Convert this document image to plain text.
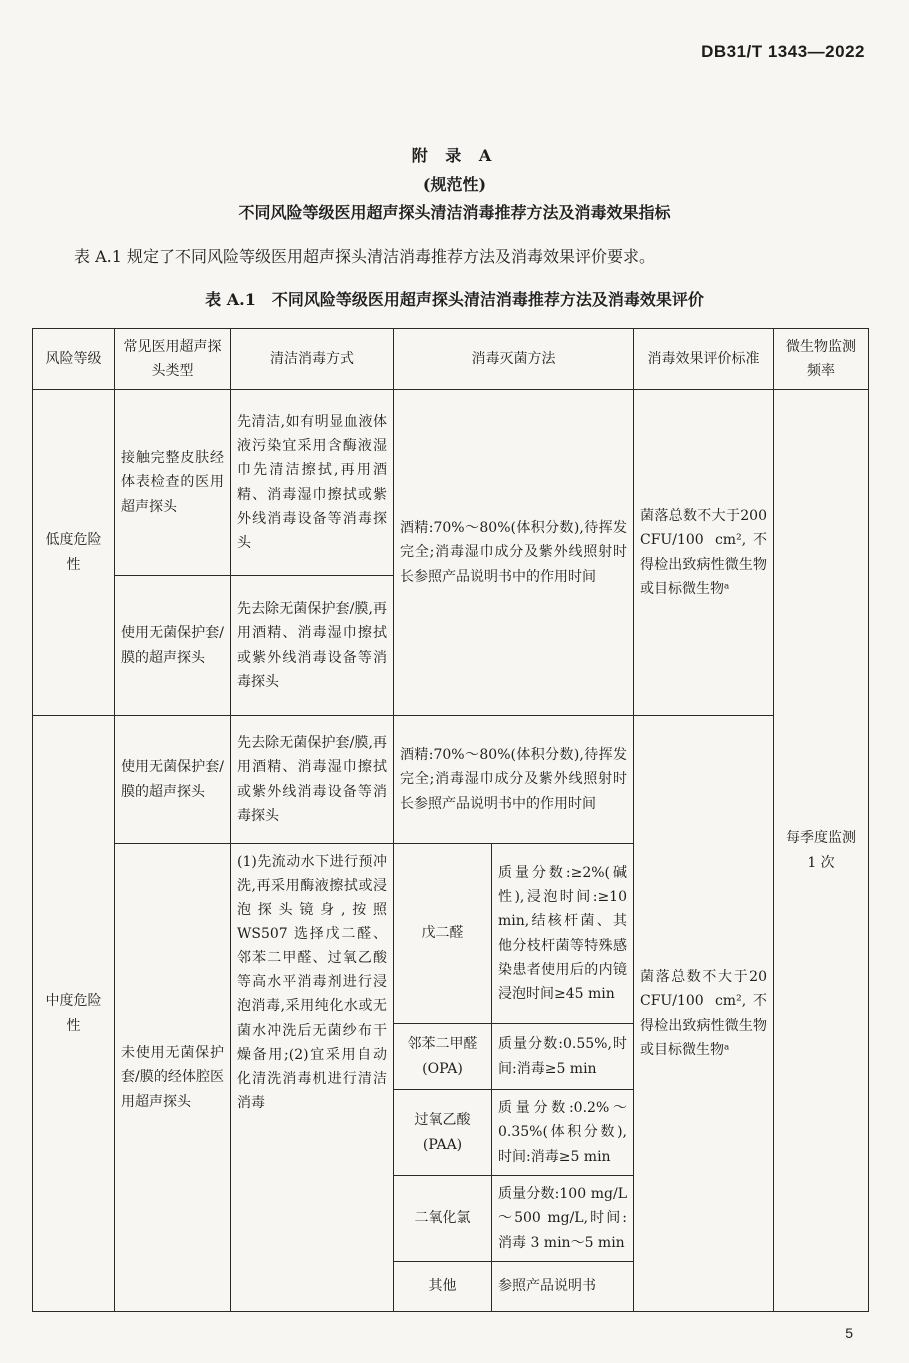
DB31/T 1343—2022
附 录 A
(规范性)
不同风险等级医用超声探头清洁消毒推荐方法及消毒效果指标
表 A.1 规定了不同风险等级医用超声探头清洁消毒推荐方法及消毒效果评价要求。
表 A.1　不同风险等级医用超声探头清洁消毒推荐方法及消毒效果评价
风险等级	常见医用超声探头类型	清洁消毒方式	消毒灭菌方法		消毒效果评价标准	微生物监测频率
低度危险性	接触完整皮肤经体表检查的医用超声探头	先清洁,如有明显血液体液污染宜采用含酶液湿巾先清洁擦拭,再用酒精、消毒湿巾擦拭或紫外线消毒设备等消毒探头	酒精:70%～80%(体积分数),待挥发完全;消毒湿巾成分及紫外线照射时长参照产品说明书中的作用时间		菌落总数不大于200 CFU/100 cm²,不得检出致病性微生物或目标微生物ᵃ	每季度监测 1 次
	使用无菌保护套/膜的超声探头	先去除无菌保护套/膜,再用酒精、消毒湿巾擦拭或紫外线消毒设备等消毒探头				
中度危险性	使用无菌保护套/膜的超声探头	先去除无菌保护套/膜,再用酒精、消毒湿巾擦拭或紫外线消毒设备等消毒探头	酒精:70%～80%(体积分数),待挥发完全;消毒湿巾成分及紫外线照射时长参照产品说明书中的作用时间		菌落总数不大于20 CFU/100 cm²,不得检出致病性微生物或目标微生物ᵃ	
	未使用无菌保护套/膜的经体腔医用超声探头	(1)先流动水下进行预冲洗,再采用酶液擦拭或浸泡探头镜身,按照 WS507 选择戊二醛、邻苯二甲醛、过氧乙酸等高水平消毒剂进行浸泡消毒,采用纯化水或无菌水冲洗后无菌纱布干燥备用;(2)宜采用自动化清洗消毒机进行清洁消毒	戊二醛	质量分数:≥2%(碱性),浸泡时间:≥10 min,结核杆菌、其他分枝杆菌等特殊感染患者使用后的内镜浸泡时间≥45 min		
			邻苯二甲醛(OPA)	质量分数:0.55%,时间:消毒≥5 min		
			过氧乙酸(PAA)	质量分数:0.2%～0.35%(体积分数),时间:消毒≥5 min		
			二氧化氯	质量分数:100 mg/L～500 mg/L,时间:消毒 3 min～5 min		
			其他	参照产品说明书		
5
